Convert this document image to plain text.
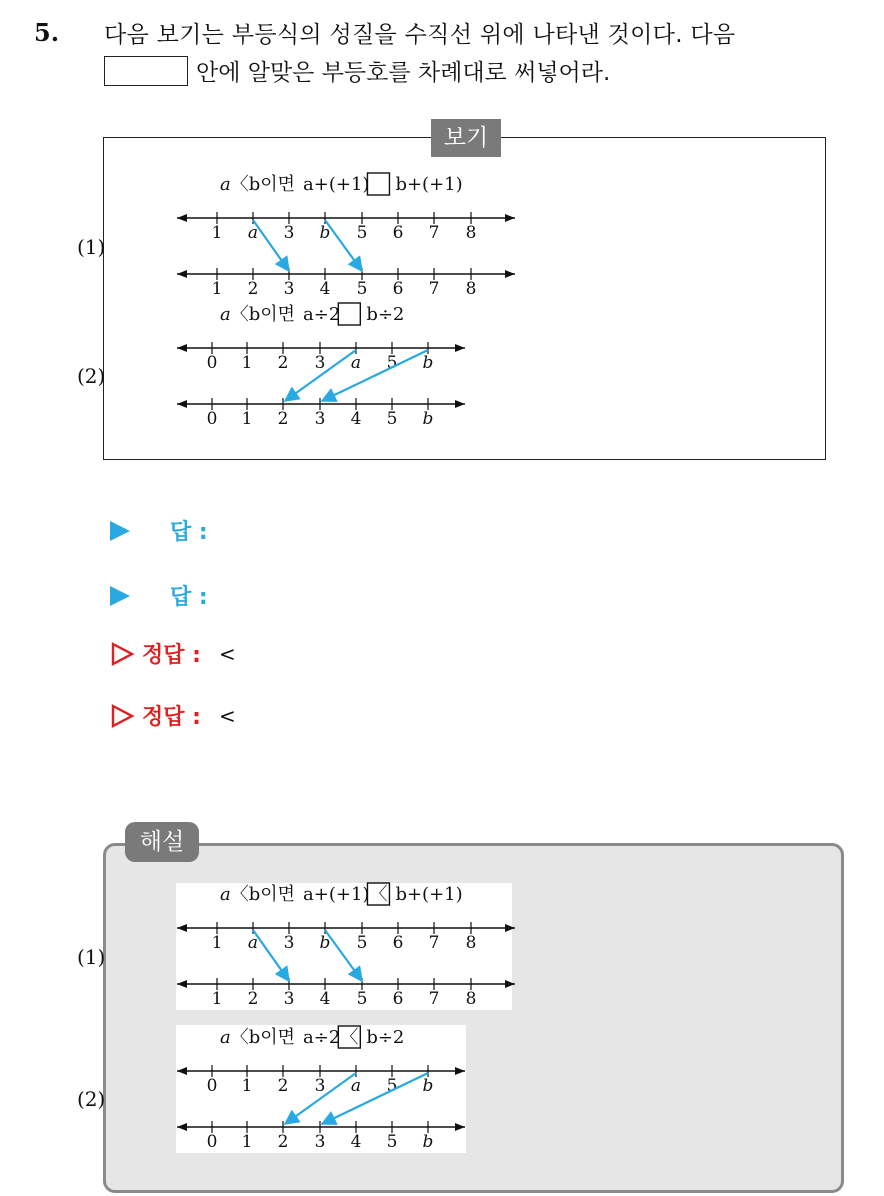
5. 다음 보기는 부등식의 성질을 수직선 위에 나타낸 것이다. 다음
안에 알맞은 부등호를 차례대로 써넣어라.
보기
답 :
답 :
정답 : <
정답 : <
해설
(1)
a〈b이면 a+(+1) b+(+1)
1 a 3 b 5 6 7 8
1 2 3 4 5 6 7 8
(2)
a〈b이면 a÷2 b÷2
0 1 2 3 a 5 b
0 1 2 3 4 5 b
(1)
a〈b이면 a+(+1) 〈 b+(+1)
1 a 3 b 5 6 7 8
1 2 3 4 5 6 7 8
(2)
a〈b이면 a÷2 〈 b÷2
0 1 2 3 a 5 b
0 1 2 3 4 5 b
